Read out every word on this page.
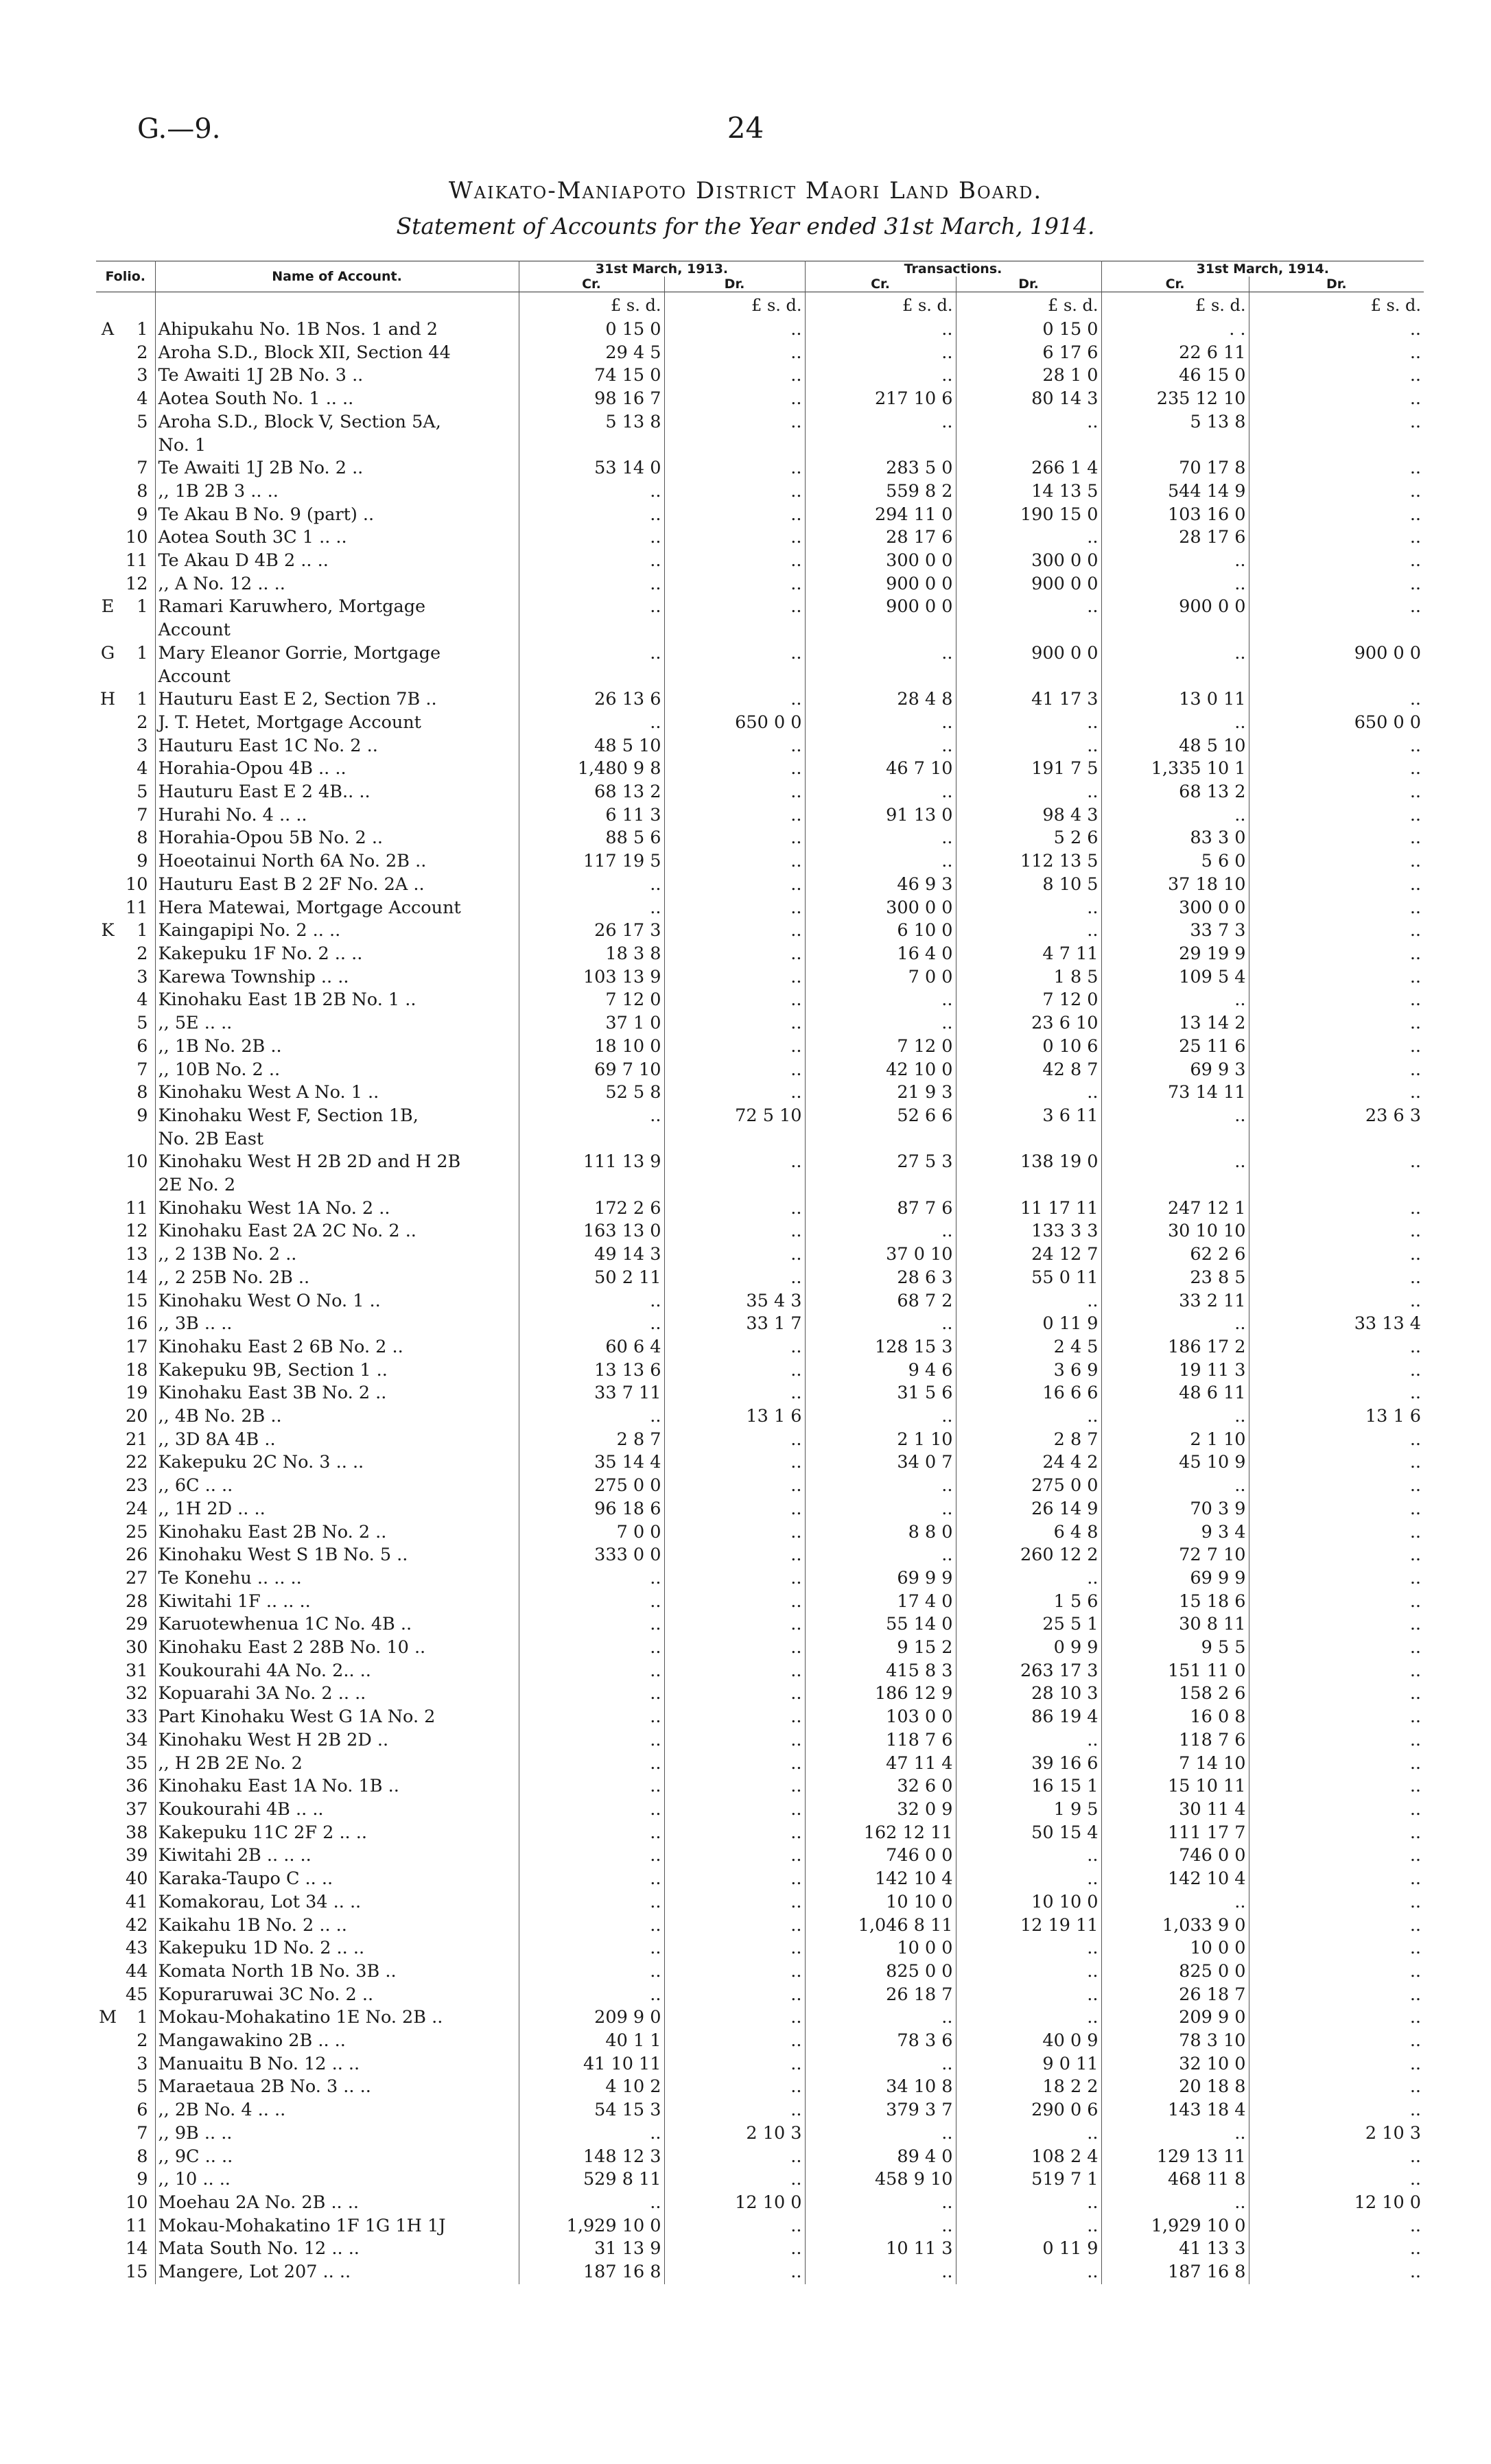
G.—9.	24
Waikato-Maniapoto District Maori Land Board.
Statement of Accounts for the Year ended 31st March, 1914.
Folio.		Name of Account.	31st March, 1913.		Transactions.		31st March, 1914.	
			Cr.	Dr.	Cr.	Dr.	Cr.	Dr.
			£ s. d.	£ s. d.	£ s. d.	£ s. d.	£ s. d.	£ s. d.
A	1	Ahipukahu No. 1B Nos. 1 and 2	0 15 0	..	..	0 15 0	. .	..
	2	Aroha S.D., Block XII, Section 44	29 4 5	..	..	6 17 6	22 6 11	..
	3	Te Awaiti 1J 2B No. 3 ..	74 15 0	..	..	28 1 0	46 15 0	..
	4	Aotea South No. 1 .. ..	98 16 7	..	217 10 6	80 14 3	235 12 10	..
	5	Aroha S.D., Block V, Section 5A,	5 13 8	..	..	..	5 13 8	..
		No. 1						
	7	Te Awaiti 1J 2B No. 2 ..	53 14 0	..	283 5 0	266 1 4	70 17 8	..
	8	,, 1B 2B 3 .. ..	..	..	559 8 2	14 13 5	544 14 9	..
	9	Te Akau B No. 9 (part) ..	..	..	294 11 0	190 15 0	103 16 0	..
	10	Aotea South 3C 1 .. ..	..	..	28 17 6	..	28 17 6	..
	11	Te Akau D 4B 2 .. ..	..	..	300 0 0	300 0 0	..	..
	12	,, A No. 12 .. ..	..	..	900 0 0	900 0 0	..	..
E	1	Ramari Karuwhero, Mortgage	..	..	900 0 0	..	900 0 0	..
		Account						
G	1	Mary Eleanor Gorrie, Mortgage	..	..	..	900 0 0	..	900 0 0
		Account						
H	1	Hauturu East E 2, Section 7B ..	26 13 6	..	28 4 8	41 17 3	13 0 11	..
	2	J. T. Hetet, Mortgage Account	..	650 0 0	..	..	..	650 0 0
	3	Hauturu East 1C No. 2 ..	48 5 10	..	..	..	48 5 10	..
	4	Horahia-Opou 4B .. ..	1,480 9 8	..	46 7 10	191 7 5	1,335 10 1	..
	5	Hauturu East E 2 4B.. ..	68 13 2	..	..	..	68 13 2	..
	7	Hurahi No. 4 .. ..	6 11 3	..	91 13 0	98 4 3	..	..
	8	Horahia-Opou 5B No. 2 ..	88 5 6	..	..	5 2 6	83 3 0	..
	9	Hoeotainui North 6A No. 2B ..	117 19 5	..	..	112 13 5	5 6 0	..
	10	Hauturu East B 2 2F No. 2A ..	..	..	46 9 3	8 10 5	37 18 10	..
	11	Hera Matewai, Mortgage Account	..	..	300 0 0	..	300 0 0	..
K	1	Kaingapipi No. 2 .. ..	26 17 3	..	6 10 0	..	33 7 3	..
	2	Kakepuku 1F No. 2 .. ..	18 3 8	..	16 4 0	4 7 11	29 19 9	..
	3	Karewa Township .. ..	103 13 9	..	7 0 0	1 8 5	109 5 4	..
	4	Kinohaku East 1B 2B No. 1 ..	7 12 0	..	..	7 12 0	..	..
	5	,, 5E .. ..	37 1 0	..	..	23 6 10	13 14 2	..
	6	,, 1B No. 2B ..	18 10 0	..	7 12 0	0 10 6	25 11 6	..
	7	,, 10B No. 2 ..	69 7 10	..	42 10 0	42 8 7	69 9 3	..
	8	Kinohaku West A No. 1 ..	52 5 8	..	21 9 3	..	73 14 11	..
	9	Kinohaku West F, Section 1B,	..	72 5 10	52 6 6	3 6 11	..	23 6 3
		No. 2B East						
	10	Kinohaku West H 2B 2D and H 2B	111 13 9	..	27 5 3	138 19 0	..	..
		2E No. 2						
	11	Kinohaku West 1A No. 2 ..	172 2 6	..	87 7 6	11 17 11	247 12 1	..
	12	Kinohaku East 2A 2C No. 2 ..	163 13 0	..	..	133 3 3	30 10 10	..
	13	,, 2 13B No. 2 ..	49 14 3	..	37 0 10	24 12 7	62 2 6	..
	14	,, 2 25B No. 2B ..	50 2 11	..	28 6 3	55 0 11	23 8 5	..
	15	Kinohaku West O No. 1 ..	..	35 4 3	68 7 2	..	33 2 11	..
	16	,, 3B .. ..	..	33 1 7	..	0 11 9	..	33 13 4
	17	Kinohaku East 2 6B No. 2 ..	60 6 4	..	128 15 3	2 4 5	186 17 2	..
	18	Kakepuku 9B, Section 1 ..	13 13 6	..	9 4 6	3 6 9	19 11 3	..
	19	Kinohaku East 3B No. 2 ..	33 7 11	..	31 5 6	16 6 6	48 6 11	..
	20	,, 4B No. 2B ..	..	13 1 6	..	..	..	13 1 6
	21	,, 3D 8A 4B ..	2 8 7	..	2 1 10	2 8 7	2 1 10	..
	22	Kakepuku 2C No. 3 .. ..	35 14 4	..	34 0 7	24 4 2	45 10 9	..
	23	,, 6C .. ..	275 0 0	..	..	275 0 0	..	..
	24	,, 1H 2D .. ..	96 18 6	..	..	26 14 9	70 3 9	..
	25	Kinohaku East 2B No. 2 ..	7 0 0	..	8 8 0	6 4 8	9 3 4	..
	26	Kinohaku West S 1B No. 5 ..	333 0 0	..	..	260 12 2	72 7 10	..
	27	Te Konehu .. .. ..	..	..	69 9 9	..	69 9 9	..
	28	Kiwitahi 1F .. .. ..	..	..	17 4 0	1 5 6	15 18 6	..
	29	Karuotewhenua 1C No. 4B ..	..	..	55 14 0	25 5 1	30 8 11	..
	30	Kinohaku East 2 28B No. 10 ..	..	..	9 15 2	0 9 9	9 5 5	..
	31	Koukourahi 4A No. 2.. ..	..	..	415 8 3	263 17 3	151 11 0	..
	32	Kopuarahi 3A No. 2 .. ..	..	..	186 12 9	28 10 3	158 2 6	..
	33	Part Kinohaku West G 1A No. 2	..	..	103 0 0	86 19 4	16 0 8	..
	34	Kinohaku West H 2B 2D ..	..	..	118 7 6	..	118 7 6	..
	35	,, H 2B 2E No. 2	..	..	47 11 4	39 16 6	7 14 10	..
	36	Kinohaku East 1A No. 1B ..	..	..	32 6 0	16 15 1	15 10 11	..
	37	Koukourahi 4B .. ..	..	..	32 0 9	1 9 5	30 11 4	..
	38	Kakepuku 11C 2F 2 .. ..	..	..	162 12 11	50 15 4	111 17 7	..
	39	Kiwitahi 2B .. .. ..	..	..	746 0 0	..	746 0 0	..
	40	Karaka-Taupo C .. ..	..	..	142 10 4	..	142 10 4	..
	41	Komakorau, Lot 34 .. ..	..	..	10 10 0	10 10 0	..	..
	42	Kaikahu 1B No. 2 .. ..	..	..	1,046 8 11	12 19 11	1,033 9 0	..
	43	Kakepuku 1D No. 2 .. ..	..	..	10 0 0	..	10 0 0	..
	44	Komata North 1B No. 3B ..	..	..	825 0 0	..	825 0 0	..
	45	Kopuraruwai 3C No. 2 ..	..	..	26 18 7	..	26 18 7	..
M	1	Mokau-Mohakatino 1E No. 2B ..	209 9 0	..	..	..	209 9 0	..
	2	Mangawakino 2B .. ..	40 1 1	..	78 3 6	40 0 9	78 3 10	..
	3	Manuaitu B No. 12 .. ..	41 10 11	..	..	9 0 11	32 10 0	..
	5	Maraetaua 2B No. 3 .. ..	4 10 2	..	34 10 8	18 2 2	20 18 8	..
	6	,, 2B No. 4 .. ..	54 15 3	..	379 3 7	290 0 6	143 18 4	..
	7	,, 9B .. ..	..	2 10 3	..	..	..	2 10 3
	8	,, 9C .. ..	148 12 3	..	89 4 0	108 2 4	129 13 11	..
	9	,, 10 .. ..	529 8 11	..	458 9 10	519 7 1	468 11 8	..
	10	Moehau 2A No. 2B .. ..	..	12 10 0	..	..	..	12 10 0
	11	Mokau-Mohakatino 1F 1G 1H 1J	1,929 10 0	..	..	..	1,929 10 0	..
	14	Mata South No. 12 .. ..	31 13 9	..	10 11 3	0 11 9	41 13 3	..
	15	Mangere, Lot 207 .. ..	187 16 8	..	..	..	187 16 8	..
